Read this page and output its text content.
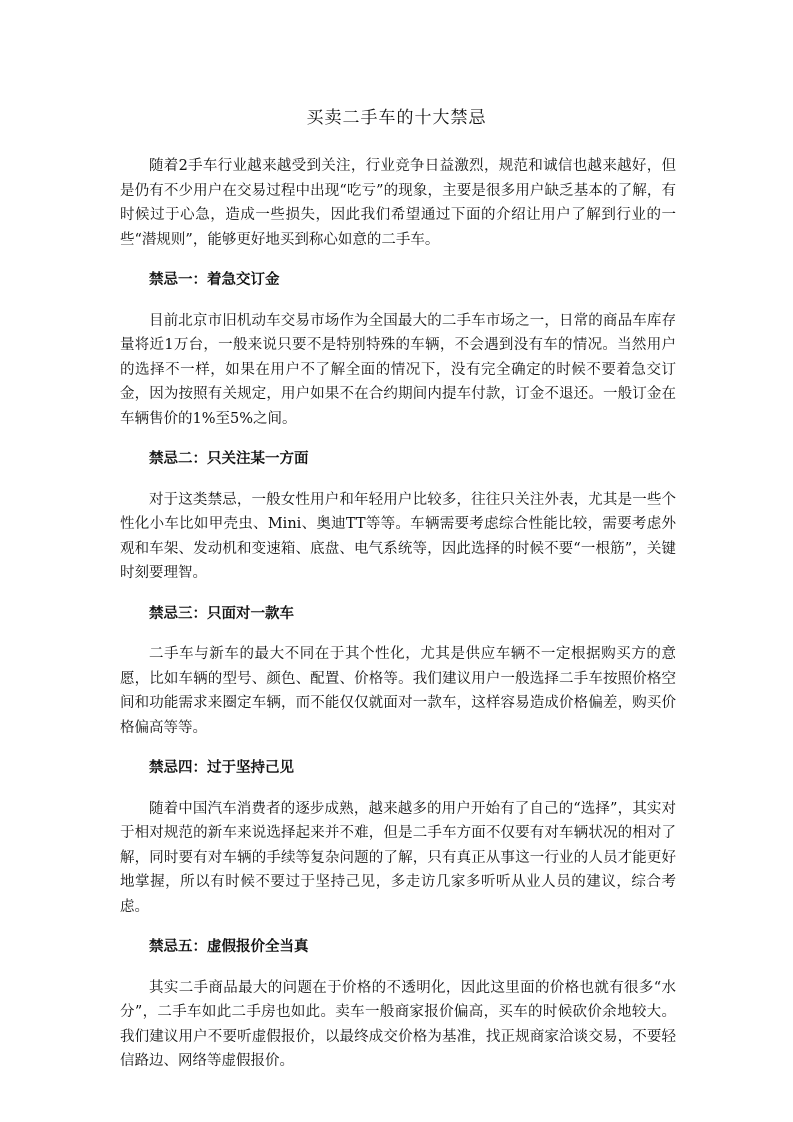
买卖二手车的十大禁忌

随着2手车行业越来越受到关注，行业竞争日益激烈，规范和诚信也越来越好，但是仍有不少用户在交易过程中出现“吃亏”的现象，主要是很多用户缺乏基本的了解，有时候过于心急，造成一些损失，因此我们希望通过下面的介绍让用户了解到行业的一些“潜规则”，能够更好地买到称心如意的二手车。

禁忌一：着急交订金

目前北京市旧机动车交易市场作为全国最大的二手车市场之一，日常的商品车库存量将近1万台，一般来说只要不是特别特殊的车辆，不会遇到没有车的情况。当然用户的选择不一样，如果在用户不了解全面的情况下，没有完全确定的时候不要着急交订金，因为按照有关规定，用户如果不在合约期间内提车付款，订金不退还。一般订金在车辆售价的1%至5%之间。

禁忌二：只关注某一方面

对于这类禁忌，一般女性用户和年轻用户比较多，往往只关注外表，尤其是一些个性化小车比如甲壳虫、Mini、奥迪TT等等。车辆需要考虑综合性能比较，需要考虑外观和车架、发动机和变速箱、底盘、电气系统等，因此选择的时候不要“一根筋”，关键时刻要理智。

禁忌三：只面对一款车

二手车与新车的最大不同在于其个性化，尤其是供应车辆不一定根据购买方的意愿，比如车辆的型号、颜色、配置、价格等。我们建议用户一般选择二手车按照价格空间和功能需求来圈定车辆，而不能仅仅就面对一款车，这样容易造成价格偏差，购买价格偏高等等。

禁忌四：过于坚持己见

随着中国汽车消费者的逐步成熟，越来越多的用户开始有了自己的“选择”，其实对于相对规范的新车来说选择起来并不难，但是二手车方面不仅要有对车辆状况的相对了解，同时要有对车辆的手续等复杂问题的了解，只有真正从事这一行业的人员才能更好地掌握，所以有时候不要过于坚持己见，多走访几家多听听从业人员的建议，综合考虑。

禁忌五：虚假报价全当真

其实二手商品最大的问题在于价格的不透明化，因此这里面的价格也就有很多“水分”，二手车如此二手房也如此。卖车一般商家报价偏高，买车的时候砍价余地较大。我们建议用户不要听虚假报价，以最终成交价格为基准，找正规商家洽谈交易，不要轻信路边、网络等虚假报价。
